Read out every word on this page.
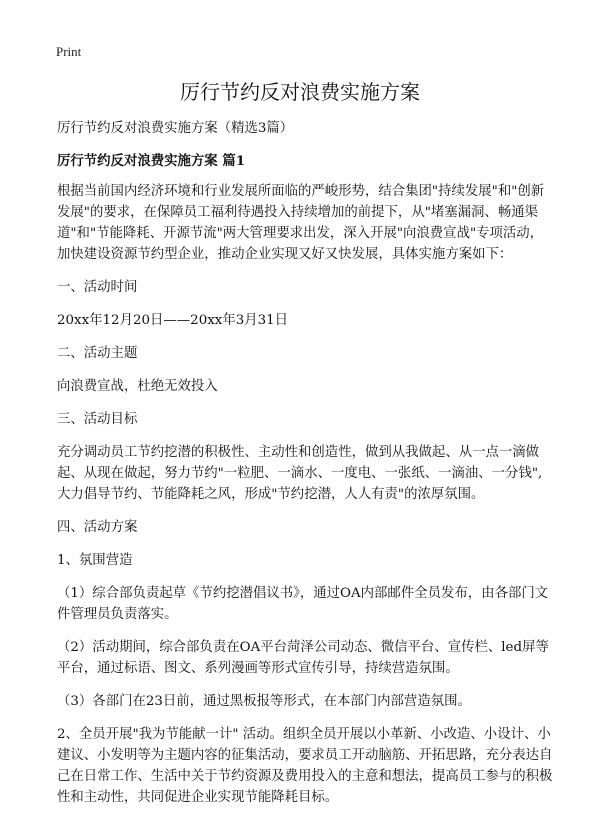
Print
厉行节约反对浪费实施方案

厉行节约反对浪费实施方案（精选3篇）

厉行节约反对浪费实施方案 篇1

根据当前国内经济环境和行业发展所面临的严峻形势，结合集团"持续发展"和"创新发展"的要求，在保障员工福利待遇投入持续增加的前提下，从"堵塞漏洞、畅通渠道"和"节能降耗、开源节流"两大管理要求出发，深入开展"向浪费宣战"专项活动，加快建设资源节约型企业，推动企业实现又好又快发展，具体实施方案如下：

一、活动时间

20xx年12月20日——20xx年3月31日

二、活动主题

向浪费宣战，杜绝无效投入

三、活动目标

充分调动员工节约挖潜的积极性、主动性和创造性，做到从我做起、从一点一滴做起、从现在做起，努力节约"一粒肥、一滴水、一度电、一张纸、一滴油、一分钱",大力倡导节约、节能降耗之风，形成"节约挖潜，人人有责"的浓厚氛围。

四、活动方案

1、氛围营造

（1）综合部负责起草《节约挖潜倡议书》，通过OA内部邮件全员发布，由各部门文件管理员负责落实。

（2）活动期间，综合部负责在OA平台菏泽公司动态、微信平台、宣传栏、led屏等平台，通过标语、图文、系列漫画等形式宣传引导，持续营造氛围。

（3）各部门在23日前，通过黑板报等形式，在本部门内部营造氛围。

2、全员开展"我为节能献一计" 活动。组织全员开展以小革新、小改造、小设计、小建议、小发明等为主题内容的征集活动，要求员工开动脑筋、开拓思路，充分表达自己在日常工作、生活中关于节约资源及费用投入的主意和想法，提高员工参与的积极性和主动性，共同促进企业实现节能降耗目标。
